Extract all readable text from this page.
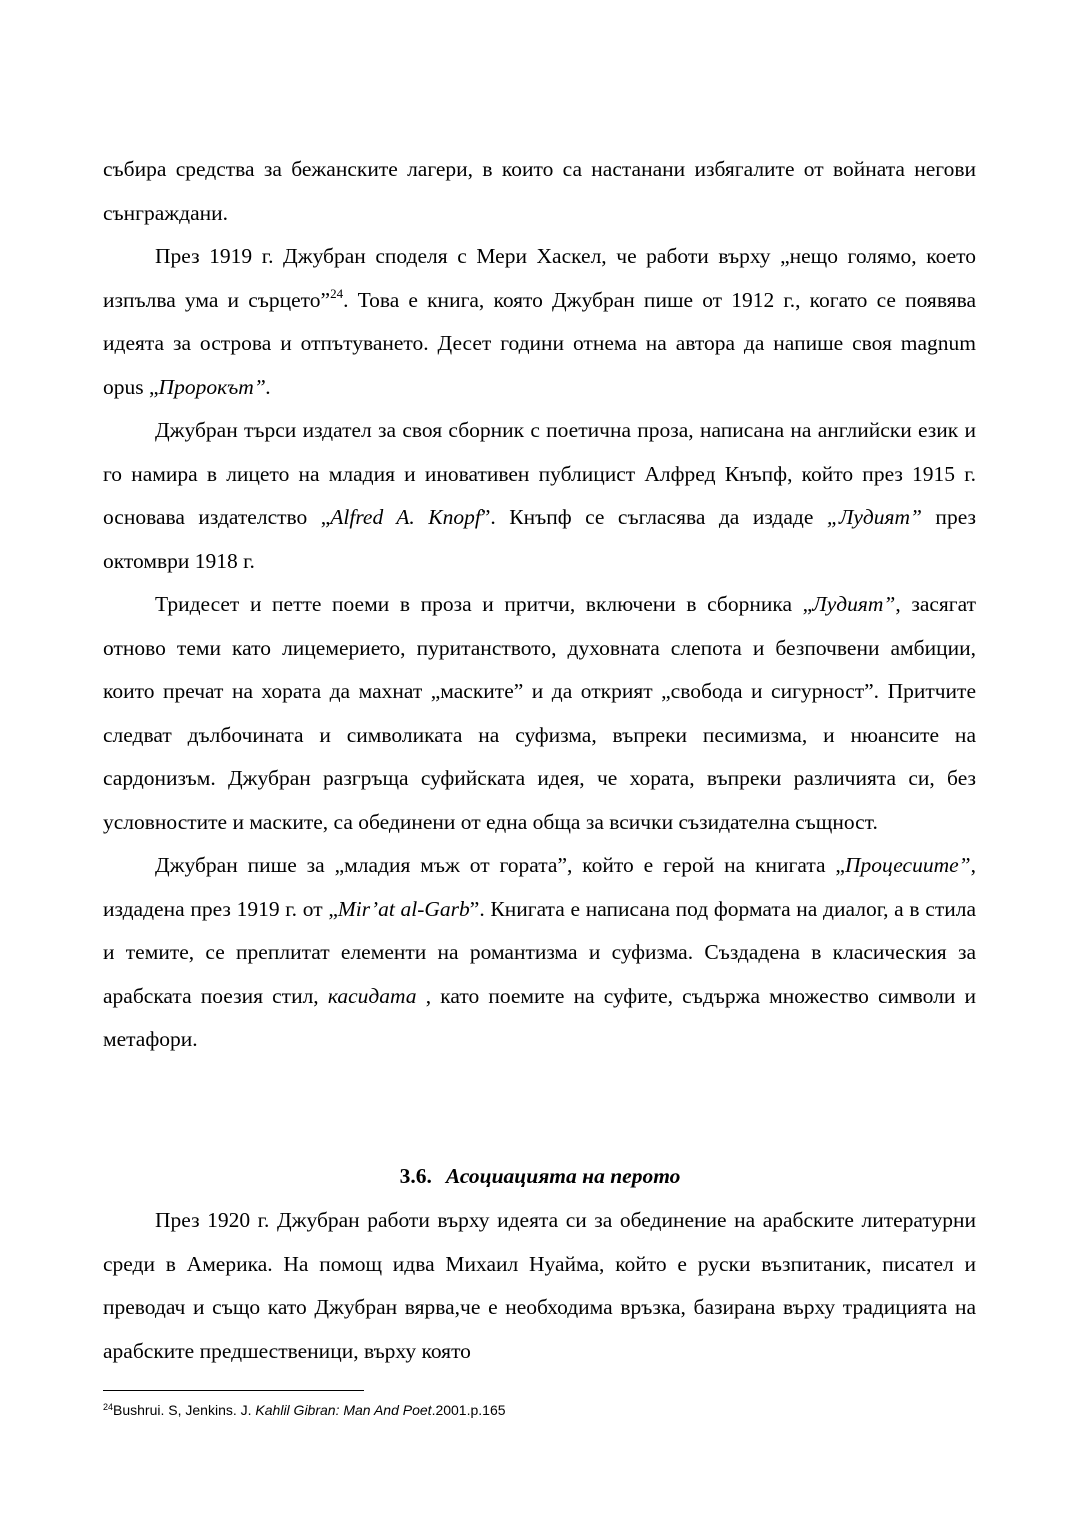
събира средства за бежанските лагери, в които са настанани избягалите от войната негови сънграждани.

През 1919 г. Джубран споделя с Мери Хаскел, че работи върху „нещо голямо, което изпълва ума и сърцето”$^{24}$. Това е книга, която Джубран пише от 1912 г., когато се появява идеята за острова и отпътуването. Десет години отнема на автора да напише своя magnum opus „Пророкът”.

Джубран търси издател за своя сборник с поетична проза, написана на английски език и го намира в лицето на младия и иновативен публицист Алфред Кнъпф, който през 1915 г. основава издателство „Alfred A. Knopf”. Кнъпф се съгласява да издаде „Лудият” през октомври 1918 г.

Тридесет и петте поеми в проза и притчи, включени в сборника „Лудият”, засягат отново теми като лицемерието, пуританството, духовната слепота и безпочвени амбиции, които пречат на хората да махнат „маските” и да открият „свобода и сигурност”. Притчите следват дълбочината и символиката на суфизма, въпреки песимизма, и нюансите на сардонизъм. Джубран разгръща суфийската идея, че хората, въпреки различията си, без условностите и маските, са обединени от една обща за всички съзидателна същност.

Джубран пише за „младия мъж от гората”, който е герой на книгата „Процесиите”, издадена през 1919 г. от „Mir’at al-Garb”. Книгата е написана под формата на диалог, а в стила и темите, се преплитат елементи на романтизма и суфизма. Създадена в класическия за арабската поезия стил, касидата , като поемите на суфите, съдържа множество символи и метафори.

3.6. Асоциацията на перото

През 1920 г. Джубран работи върху идеята си за обединение на арабските литературни среди в Америка. На помощ идва Михаил Нуайма, който е руски възпитаник, писател и преводач и също като Джубран вярва,че е необходима връзка, базирана върху традицията на арабските предшественици, върху която

$^{24}$Bushrui. S, Jenkins. J. Kahlil Gibran: Man And Poet.2001.p.165
